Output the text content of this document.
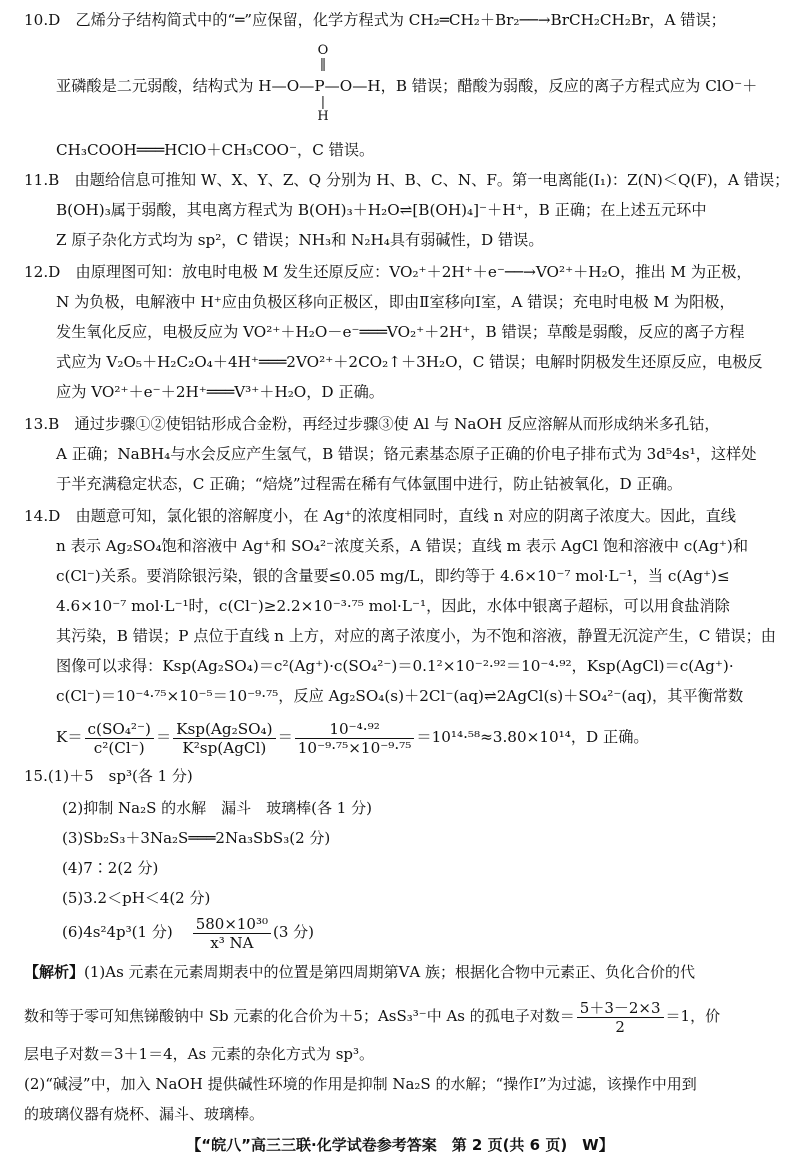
10.D　乙烯分子结构简式中的“═”应保留，化学方程式为 CH₂═CH₂＋Br₂──→BrCH₂CH₂Br，A 错误；
O
‖
亚磷酸是二元弱酸，结构式为 H—O—P—O—H，B 错误；醋酸为弱酸，反应的离子方程式应为 ClO⁻＋
|
H
CH₃COOH═══HClO＋CH₃COO⁻，C 错误。
11.B　由题给信息可推知 W、X、Y、Z、Q 分别为 H、B、C、N、F。第一电离能(I₁)：Z(N)＜Q(F)，A 错误；
B(OH)₃属于弱酸，其电离方程式为 B(OH)₃＋H₂O⇌[B(OH)₄]⁻＋H⁺，B 正确；在上述五元环中
Z 原子杂化方式均为 sp²，C 错误；NH₃和 N₂H₄具有弱碱性，D 错误。
12.D　由原理图可知：放电时电极 M 发生还原反应：VO₂⁺＋2H⁺＋e⁻──→VO²⁺＋H₂O，推出 M 为正极，
N 为负极，电解液中 H⁺应由负极区移向正极区，即由Ⅱ室移向Ⅰ室，A 错误；充电时电极 M 为阳极，
发生氧化反应，电极反应为 VO²⁺＋H₂O－e⁻═══VO₂⁺＋2H⁺，B 错误；草酸是弱酸，反应的离子方程
式应为 V₂O₅＋H₂C₂O₄＋4H⁺═══2VO²⁺＋2CO₂↑＋3H₂O，C 错误；电解时阴极发生还原反应，电极反
应为 VO²⁺＋e⁻＋2H⁺═══V³⁺＋H₂O，D 正确。
13.B　通过步骤①②使铝钴形成合金粉，再经过步骤③使 Al 与 NaOH 反应溶解从而形成纳米多孔钴，
A 正确；NaBH₄与水会反应产生氢气，B 错误；铬元素基态原子正确的价电子排布式为 3d⁵4s¹，这样处
于半充满稳定状态，C 正确；“焙烧”过程需在稀有气体氩围中进行，防止钴被氧化，D 正确。
14.D　由题意可知，氯化银的溶解度小，在 Ag⁺的浓度相同时，直线 n 对应的阴离子浓度大。因此，直线
n 表示 Ag₂SO₄饱和溶液中 Ag⁺和 SO₄²⁻浓度关系，A 错误；直线 m 表示 AgCl 饱和溶液中 c(Ag⁺)和
c(Cl⁻)关系。要消除银污染，银的含量要≤0.05 mg/L，即约等于 4.6×10⁻⁷ mol·L⁻¹，当 c(Ag⁺)≤
4.6×10⁻⁷ mol·L⁻¹时，c(Cl⁻)≥2.2×10⁻³·⁷⁵ mol·L⁻¹，因此，水体中银离子超标，可以用食盐消除
其污染，B 错误；P 点位于直线 n 上方，对应的离子浓度小，为不饱和溶液，静置无沉淀产生，C 错误；由
图像可以求得：Ksp(Ag₂SO₄)＝c²(Ag⁺)·c(SO₄²⁻)＝0.1²×10⁻²·⁹²＝10⁻⁴·⁹²，Ksp(AgCl)＝c(Ag⁺)·
c(Cl⁻)＝10⁻⁴·⁷⁵×10⁻⁵＝10⁻⁹·⁷⁵，反应 Ag₂SO₄(s)＋2Cl⁻(aq)⇌2AgCl(s)＋SO₄²⁻(aq)，其平衡常数
$K= \frac{\text{c(SO₄²⁻)}}{\text{c²(Cl⁻)}} = \frac{\text{Ksp(Ag₂SO₄)}}{\text{K²sp(AgCl)}} = \frac{\text{10⁻⁴·⁹²}}{\text{10⁻⁹·⁷⁵×10⁻⁹·⁷⁵}} =10^{14}\cdot^{58}\approx 3.80\times 10^{14}$，D 正确。
15.(1)＋5　sp³(各 1 分)
(2)抑制 Na₂S 的水解　漏斗　玻璃棒(各 1 分)
(3)Sb₂S₃＋3Na₂S═══2Na₃SbS₃(2 分)
(4)7∶2(2 分)
(5)3.2＜pH＜4(2 分)
(6)4s²4p³(1 分) $\frac{\text{580×10³⁰}}{\text{x³ NA}} (3$ 分)
【解析】(1)As 元素在元素周期表中的位置是第四周期第ⅤA 族；根据化合物中元素正、负化合价的代
数和等于零可知焦锑酸钠中 Sb 元素的化合价为＋5；AsS₃³⁻中 As 的孤电子对数＝ $\frac{5+3-2\times 3}{2} =1$，价
层电子对数＝3＋1＝4，As 元素的杂化方式为 sp³。
(2)“碱浸”中，加入 NaOH 提供碱性环境的作用是抑制 Na₂S 的水解；“操作Ⅰ”为过滤，该操作中用到
的玻璃仪器有烧杯、漏斗、玻璃棒。
【“皖八”高三三联·化学试卷参考答案　第 2 页(共 6 页)　W】
